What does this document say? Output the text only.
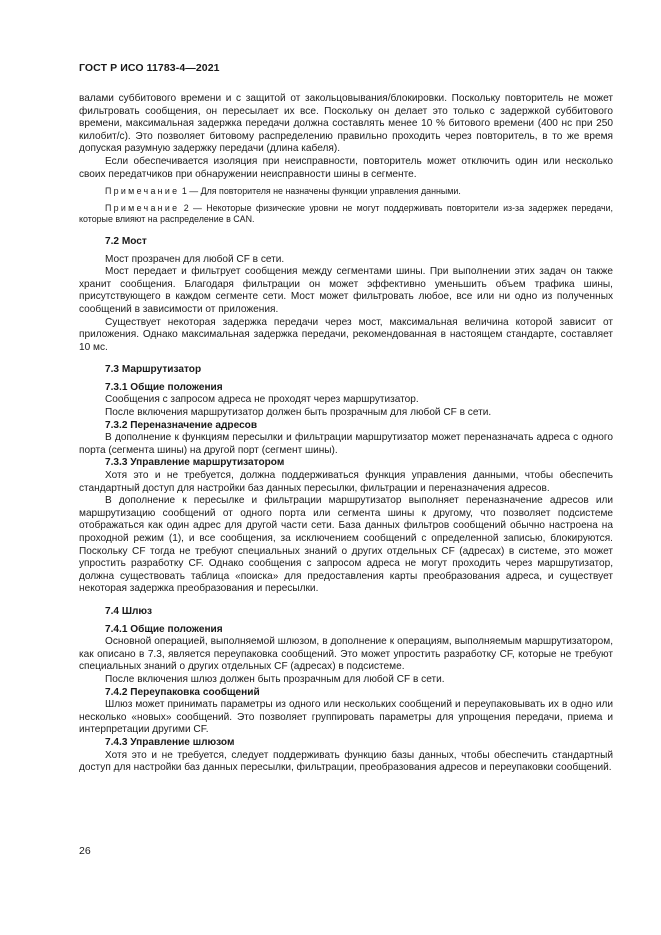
ГОСТ Р ИСО 11783-4—2021

валами суббитового времени и с защитой от закольцовывания/блокировки. Поскольку повторитель не может фильтровать сообщения, он пересылает их все. Поскольку он делает это только с задержкой суббитового времени, максимальная задержка передачи должна составлять менее 10 % битового времени (400 нс при 250 килобит/с). Это позволяет битовому распределению правильно проходить через повторитель, в то же время допуская разумную задержку передачи (длина кабеля).

Если обеспечивается изоляция при неисправности, повторитель может отключить один или несколько своих передатчиков при обнаружении неисправности шины в сегменте.

Примечание 1 — Для повторителя не назначены функции управления данными.

Примечание 2 — Некоторые физические уровни не могут поддерживать повторители из-за задержек передачи, которые влияют на распределение в CAN.

7.2 Мост

Мост прозрачен для любой CF в сети.

Мост передает и фильтрует сообщения между сегментами шины. При выполнении этих задач он также хранит сообщения. Благодаря фильтрации он может эффективно уменьшить объем трафика шины, присутствующего в каждом сегменте сети. Мост может фильтровать любое, все или ни одно из полученных сообщений в зависимости от приложения.

Существует некоторая задержка передачи через мост, максимальная величина которой зависит от приложения. Однако максимальная задержка передачи, рекомендованная в настоящем стандарте, составляет 10 мс.

7.3 Маршрутизатор
7.3.1 Общие положения

Сообщения с запросом адреса не проходят через маршрутизатор.

После включения маршрутизатор должен быть прозрачным для любой CF в сети.

7.3.2 Переназначение адресов

В дополнение к функциям пересылки и фильтрации маршрутизатор может переназначать адреса с одного порта (сегмента шины) на другой порт (сегмент шины).

7.3.3 Управление маршрутизатором

Хотя это и не требуется, должна поддерживаться функция управления данными, чтобы обеспечить стандартный доступ для настройки баз данных пересылки, фильтрации и переназначения адресов.

В дополнение к пересылке и фильтрации маршрутизатор выполняет переназначение адресов или маршрутизацию сообщений от одного порта или сегмента шины к другому, что позволяет подсистеме отображаться как один адрес для другой части сети. База данных фильтров сообщений обычно настроена на проходной режим (1), и все сообщения, за исключением сообщений с определенной записью, блокируются. Поскольку CF тогда не требуют специальных знаний о других отдельных CF (адресах) в системе, это может упростить разработку CF. Однако сообщения с запросом адреса не могут проходить через маршрутизатор, должна существовать таблица «поиска» для предоставления карты преобразования адреса, и существует некоторая задержка преобразования и пересылки.

7.4 Шлюз
7.4.1 Общие положения

Основной операцией, выполняемой шлюзом, в дополнение к операциям, выполняемым маршрутизатором, как описано в 7.3, является переупаковка сообщений. Это может упростить разработку CF, которые не требуют специальных знаний о других отдельных CF (адресах) в подсистеме.

После включения шлюз должен быть прозрачным для любой CF в сети.

7.4.2 Переупаковка сообщений

Шлюз может принимать параметры из одного или нескольких сообщений и переупаковывать их в одно или несколько «новых» сообщений. Это позволяет группировать параметры для упрощения передачи, приема и интерпретации другими CF.

7.4.3 Управление шлюзом

Хотя это и не требуется, следует поддерживать функцию базы данных, чтобы обеспечить стандартный доступ для настройки баз данных пересылки, фильтрации, преобразования адресов и переупаковки сообщений.

26
